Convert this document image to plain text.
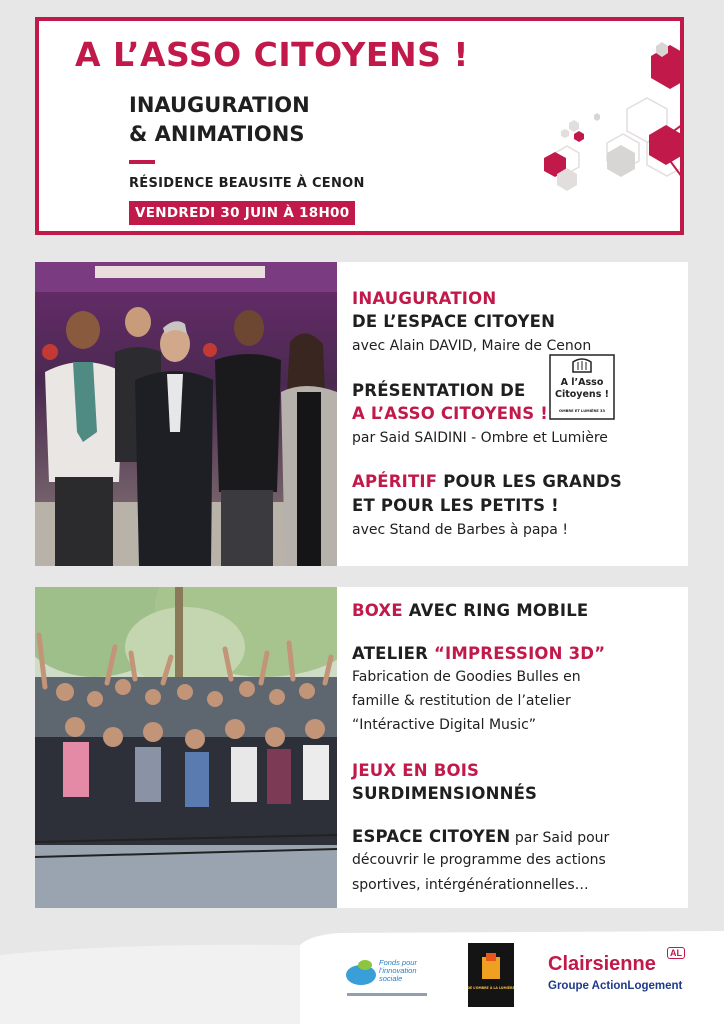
A L’ASSO CITOYENS !
INAUGURATION
& ANIMATIONS
RÉSIDENCE BEAUSITE À CENON
VENDREDI 30 JUIN À 18H00
INAUGURATION
DE L’ESPACE CITOYEN
avec Alain DAVID, Maire de Cenon
PRÉSENTATION DE
A L’ASSO CITOYENS !
par Said SAIDINI - Ombre et Lumière
APÉRITIF POUR LES GRANDS
ET POUR LES PETITS !
avec Stand de Barbes à papa !
A l’Asso
Citoyens !
OMBRE ET LUMIÈRE 33
BOXE AVEC RING MOBILE
ATELIER “IMPRESSION 3D”
Fabrication de Goodies Bulles en
famille & restitution de l’atelier
“Intéractive Digital Music”
JEUX EN BOIS
SURDIMENSIONNÉS
ESPACE CITOYEN par Said pour
découvrir le programme des actions
sportives, intérgénérationnelles…
Fonds pour
l’innovation
sociale
DE L’OMBRE À LA LUMIÈRE
Clairsienne	AL
Groupe ActionLogement
